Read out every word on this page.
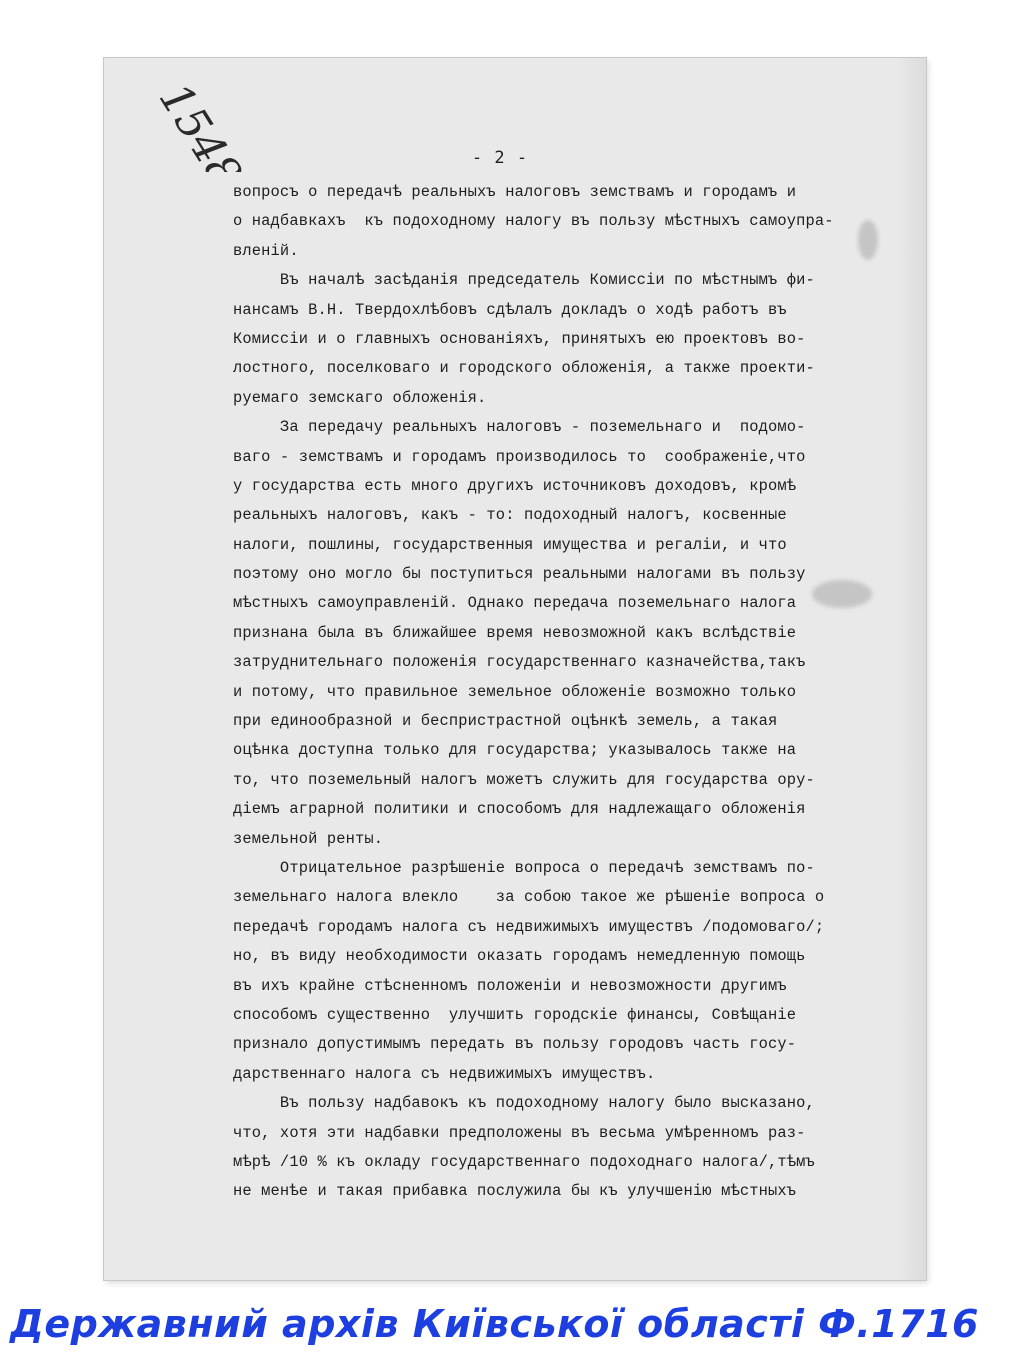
1548	- 2 -
вопросъ о передачѣ реальныхъ налоговъ земствамъ и городамъ и
о надбавкахъ  къ подоходному налогу въ пользу мѣстныхъ самоупра-
вленій.
Въ началѣ засѣданія председатель Комиссіи по мѣстнымъ фи-
нансамъ В.Н. Твердохлѣбовъ сдѣлалъ докладъ о ходѣ работъ въ
Комиссіи и о главныхъ основаніяхъ, принятыхъ ею проектовъ во-
лостного, поселковаго и городского обложенія, а также проекти-
руемаго земскаго обложенія.
За передачу реальныхъ налоговъ - поземельнаго и  подомо-
ваго - земствамъ и городамъ производилось то  соображеніе,что
у государства есть много другихъ источниковъ доходовъ, кромѣ
реальныхъ налоговъ, какъ - то: подоходный налогъ, косвенные
налоги, пошлины, государственныя имущества и регаліи, и что
поэтому оно могло бы поступиться реальными налогами въ пользу
мѣстныхъ самоуправленій. Однако передача поземельнаго налога
признана была въ ближайшее время невозможной какъ вслѣдствіе
затруднительнаго положенія государственнаго казначейства,такъ
и потому, что правильное земельное обложеніе возможно только
при единообразной и беспристрастной оцѣнкѣ земель, а такая
оцѣнка доступна только для государства; указывалось также на
то, что поземельный налогъ можетъ служить для государства ору-
діемъ аграрной политики и способомъ для надлежащаго обложенія
земельной ренты.
Отрицательное разрѣшеніе вопроса о передачѣ земствамъ по-
земельнаго налога влекло    за собою такое же рѣшеніе вопроса о
передачѣ городамъ налога съ недвижимыхъ имуществъ /подомоваго/;
но, въ виду необходимости оказать городамъ немедленную помощь
въ ихъ крайне стѣсненномъ положеніи и невозможности другимъ
способомъ существенно  улучшить городскіе финансы, Совѣщаніе
признало допустимымъ передать въ пользу городовъ часть госу-
дарственнаго налога съ недвижимыхъ имуществъ.
Въ пользу надбавокъ къ подоходному налогу было высказано,
что, хотя эти надбавки предположены въ весьма умѣренномъ раз-
мѣрѣ /10 % къ окладу государственнаго подоходнаго налога/,тѣмъ
не менѣе и такая прибавка послужила бы къ улучшенію мѣстныхъ
Державний архів Київської області Ф.1716
